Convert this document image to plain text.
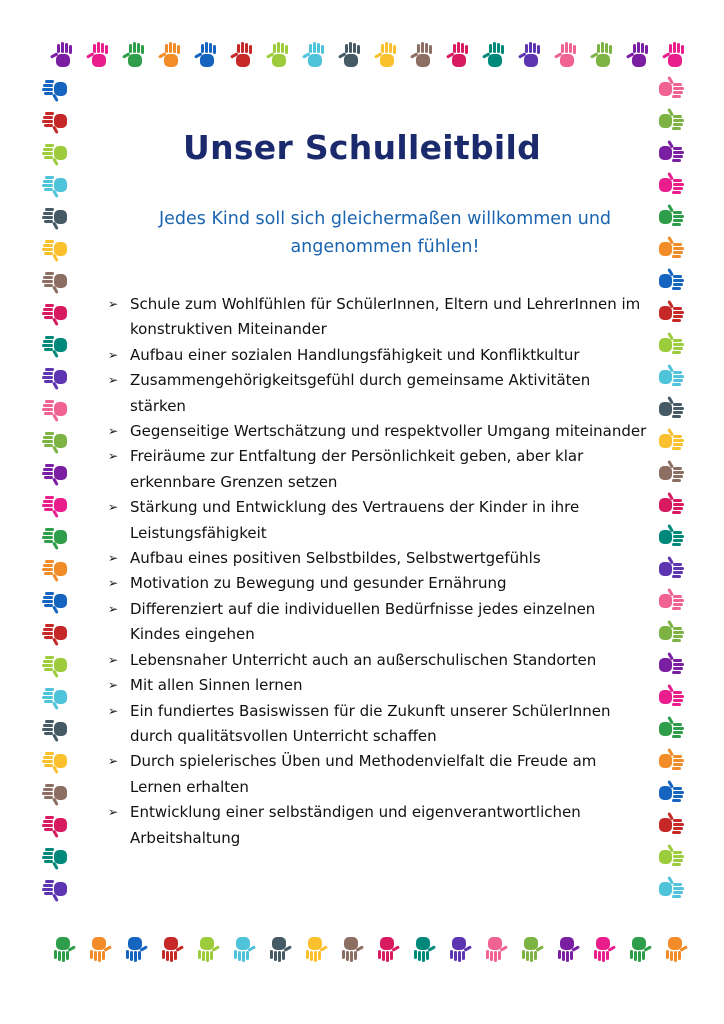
Unser Schulleitbild
Jedes Kind soll sich gleichermaßen willkommen und angenommen fühlen!
➢ Schule zum Wohlfühlen für SchülerInnen, Eltern und LehrerInnen im konstruktiven Miteinander
➢ Aufbau einer sozialen Handlungsfähigkeit und Konfliktkultur
➢ Zusammengehörigkeitsgefühl durch gemeinsame Aktivitäten stärken
➢ Gegenseitige Wertschätzung und respektvoller Umgang miteinander
➢ Freiräume zur Entfaltung der Persönlichkeit geben, aber klar erkennbare Grenzen setzen
➢ Stärkung und Entwicklung des Vertrauens der Kinder in ihre Leistungsfähigkeit
➢ Aufbau eines positiven Selbstbildes, Selbstwertgefühls
➢ Motivation zu Bewegung und gesunder Ernährung
➢ Differenziert auf die individuellen Bedürfnisse jedes einzelnen Kindes eingehen
➢ Lebensnaher Unterricht auch an außerschulischen Standorten
➢ Mit allen Sinnen lernen
➢ Ein fundiertes Basiswissen für die Zukunft unserer SchülerInnen durch qualitätsvollen Unterricht schaffen
➢ Durch spielerisches Üben und Methodenvielfalt die Freude am Lernen erhalten
➢ Entwicklung einer selbständigen und eigenverantwortlichen Arbeitshaltung
